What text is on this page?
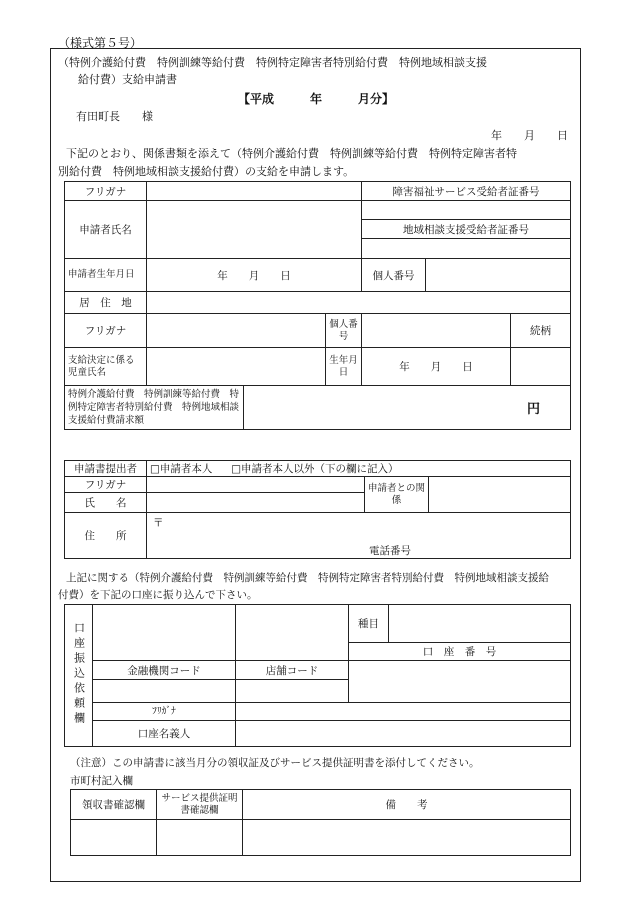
（様式第５号）
（特例介護給付費　特例訓練等給付費　特例特定障害者特別給付費　特例地域相談支援
給付費）支給申請書
【平成　　　年　　　月分】
有田町長　　様
年　　月　　日
下記のとおり、関係書類を添えて（特例介護給付費　特例訓練等給付費　特例特定障害者特
別給付費　特例地域相談支援給付費）の支給を申請します。
フリガナ				障害福祉サービス受給者証番号		
申請者氏名						
				地域相談支援受給者証番号		

申請者生年月日	年　　月　　日			個人番号		
居　住　地						
フリガナ			個人番号			続柄
支給決定に係る児童氏名			生年月日	年　　月　　日		
特例介護給付費　特例訓練等給付費　特例特定障害者特別給付費　特例地域相談支援給付費請求額		円				
申請書提出者	□申請者本人 □申請者本人以外（下の欄に記入）		
フリガナ		申請者との関係	
氏　　名			
住　　所	〒
電話番号		
上記に関する（特例介護給付費　特例訓練等給付費　特例特定障害者特別給付費　特例地域相談支援給
付費）を下記の口座に振り込んで下さい。
口座振込依頼欄			種目	
			口　座　番　号	
	金融機関コード	店舗コード		

	ﾌﾘｶﾞﾅ			
	口座名義人			
（注意）この申請書に該当月分の領収証及びサービス提供証明書を添付してください。
市町村記入欄
領収書確認欄	サービス提供証明書確認欄	備　　考
